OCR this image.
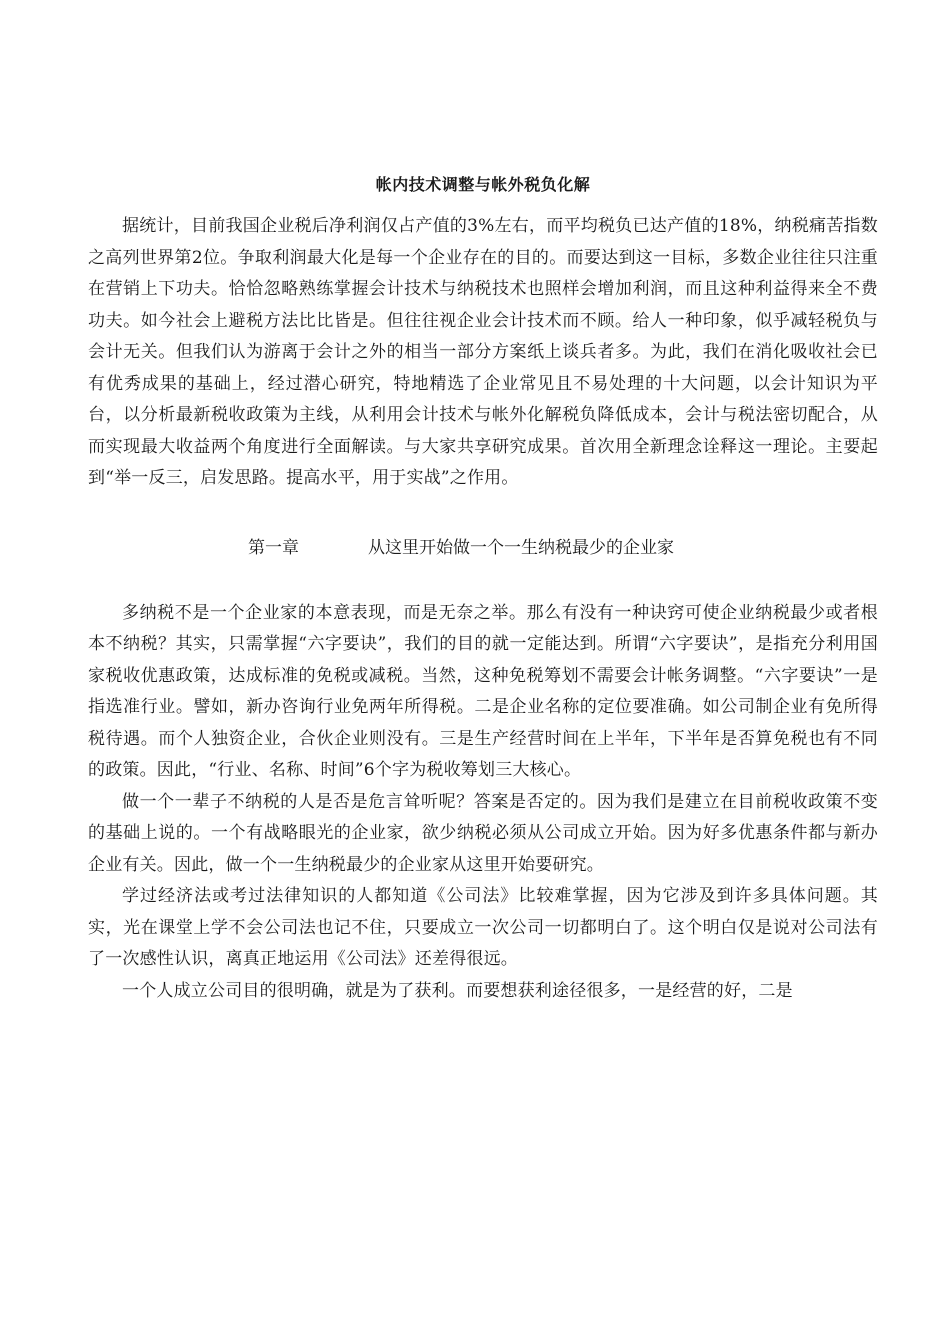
帐内技术调整与帐外税负化解

据统计，目前我国企业税后净利润仅占产值的3%左右，而平均税负已达产值的18%，纳税痛苦指数之高列世界第2位。争取利润最大化是每一个企业存在的目的。而要达到这一目标，多数企业往往只注重在营销上下功夫。恰恰忽略熟练掌握会计技术与纳税技术也照样会增加利润，而且这种利益得来全不费功夫。如今社会上避税方法比比皆是。但往往视企业会计技术而不顾。给人一种印象，似乎减轻税负与会计无关。但我们认为游离于会计之外的相当一部分方案纸上谈兵者多。为此，我们在消化吸收社会已有优秀成果的基础上，经过潜心研究，特地精选了企业常见且不易处理的十大问题，以会计知识为平台，以分析最新税收政策为主线，从利用会计技术与帐外化解税负降低成本，会计与税法密切配合，从而实现最大收益两个角度进行全面解读。与大家共享研究成果。首次用全新理念诠释这一理论。主要起到“举一反三，启发思路。提高水平，用于实战”之作用。

第一章	从这里开始做一个一生纳税最少的企业家

多纳税不是一个企业家的本意表现，而是无奈之举。那么有没有一种诀窍可使企业纳税最少或者根本不纳税？其实，只需掌握“六字要诀”，我们的目的就一定能达到。所谓“六字要诀”，是指充分利用国家税收优惠政策，达成标准的免税或减税。当然，这种免税筹划不需要会计帐务调整。“六字要诀”一是指选准行业。譬如，新办咨询行业免两年所得税。二是企业名称的定位要准确。如公司制企业有免所得税待遇。而个人独资企业，合伙企业则没有。三是生产经营时间在上半年，下半年是否算免税也有不同的政策。因此，“行业、名称、时间”6个字为税收筹划三大核心。

做一个一辈子不纳税的人是否是危言耸听呢？答案是否定的。因为我们是建立在目前税收政策不变的基础上说的。一个有战略眼光的企业家，欲少纳税必须从公司成立开始。因为好多优惠条件都与新办企业有关。因此，做一个一生纳税最少的企业家从这里开始要研究。

学过经济法或考过法律知识的人都知道《公司法》比较难掌握，因为它涉及到许多具体问题。其实，光在课堂上学不会公司法也记不住，只要成立一次公司一切都明白了。这个明白仅是说对公司法有了一次感性认识，离真正地运用《公司法》还差得很远。

一个人成立公司目的很明确，就是为了获利。而要想获利途径很多，一是经营的好，二是
